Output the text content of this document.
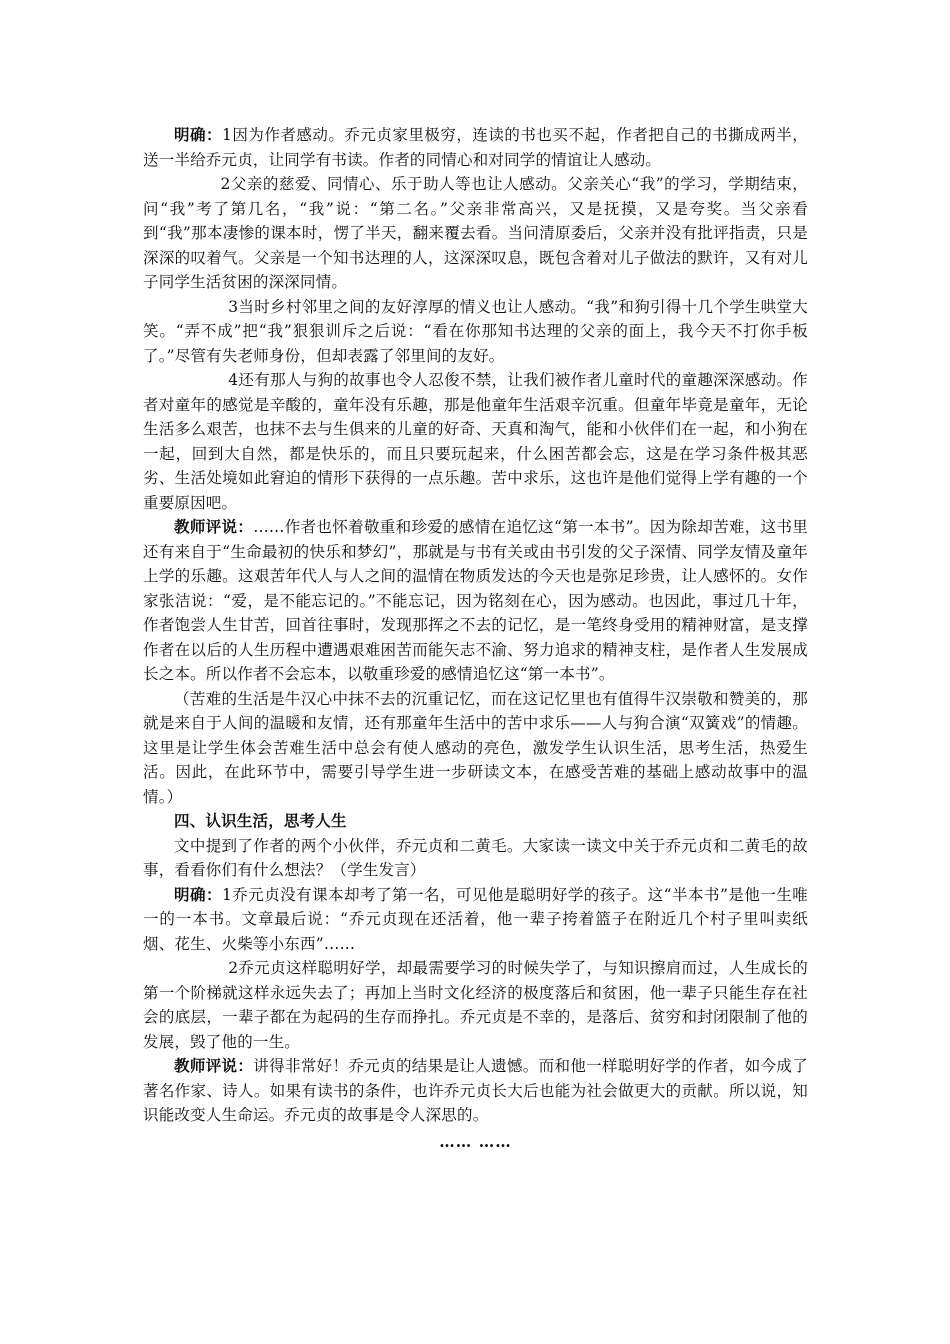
明确：1因为作者感动。乔元贞家里极穷，连读的书也买不起，作者把自己的书撕成两半，送一半给乔元贞，让同学有书读。作者的同情心和对同学的情谊让人感动。

2父亲的慈爱、同情心、乐于助人等也让人感动。父亲关心“我”的学习，学期结束，问“我”考了第几名，“我”说：“第二名。”父亲非常高兴，又是抚摸，又是夸奖。当父亲看到“我”那本凄惨的课本时，愣了半天，翻来覆去看。当问清原委后，父亲并没有批评指责，只是深深的叹着气。父亲是一个知书达理的人，这深深叹息，既包含着对儿子做法的默许，又有对儿子同学生活贫困的深深同情。

3当时乡村邻里之间的友好淳厚的情义也让人感动。“我”和狗引得十几个学生哄堂大笑。“弄不成”把“我”狠狠训斥之后说：“看在你那知书达理的父亲的面上，我今天不打你手板了。”尽管有失老师身份，但却表露了邻里间的友好。

4还有那人与狗的故事也令人忍俊不禁，让我们被作者儿童时代的童趣深深感动。作者对童年的感觉是辛酸的，童年没有乐趣，那是他童年生活艰辛沉重。但童年毕竟是童年，无论生活多么艰苦，也抹不去与生俱来的儿童的好奇、天真和淘气，能和小伙伴们在一起，和小狗在一起，回到大自然，都是快乐的，而且只要玩起来，什么困苦都会忘，这是在学习条件极其恶劣、生活处境如此窘迫的情形下获得的一点乐趣。苦中求乐，这也许是他们觉得上学有趣的一个重要原因吧。

教师评说：……作者也怀着敬重和珍爱的感情在追忆这“第一本书”。因为除却苦难，这书里还有来自于“生命最初的快乐和梦幻”，那就是与书有关或由书引发的父子深情、同学友情及童年上学的乐趣。这艰苦年代人与人之间的温情在物质发达的今天也是弥足珍贵，让人感怀的。女作家张洁说：“爱，是不能忘记的。”不能忘记，因为铭刻在心，因为感动。也因此，事过几十年，作者饱尝人生甘苦，回首往事时，发现那挥之不去的记忆，是一笔终身受用的精神财富，是支撑作者在以后的人生历程中遭遇艰难困苦而能矢志不渝、努力追求的精神支柱，是作者人生发展成长之本。所以作者不会忘本，以敬重珍爱的感情追忆这“第一本书”。

（苦难的生活是牛汉心中抹不去的沉重记忆，而在这记忆里也有值得牛汉崇敬和赞美的，那就是来自于人间的温暖和友情，还有那童年生活中的苦中求乐——人与狗合演“双簧戏”的情趣。这里是让学生体会苦难生活中总会有使人感动的亮色，激发学生认识生活，思考生活，热爱生活。因此，在此环节中，需要引导学生进一步研读文本，在感受苦难的基础上感动故事中的温情。）

四、认识生活，思考人生

文中提到了作者的两个小伙伴，乔元贞和二黄毛。大家读一读文中关于乔元贞和二黄毛的故事，看看你们有什么想法？（学生发言）

明确：1乔元贞没有课本却考了第一名，可见他是聪明好学的孩子。这“半本书”是他一生唯一的一本书。文章最后说：“乔元贞现在还活着，他一辈子挎着篮子在附近几个村子里叫卖纸烟、花生、火柴等小东西”……

2乔元贞这样聪明好学，却最需要学习的时候失学了，与知识擦肩而过，人生成长的第一个阶梯就这样永远失去了；再加上当时文化经济的极度落后和贫困，他一辈子只能生存在社会的底层，一辈子都在为起码的生存而挣扎。乔元贞是不幸的，是落后、贫穷和封闭限制了他的发展，毁了他的一生。

教师评说：讲得非常好！乔元贞的结果是让人遗憾。而和他一样聪明好学的作者，如今成了著名作家、诗人。如果有读书的条件，也许乔元贞长大后也能为社会做更大的贡献。所以说，知识能改变人生命运。乔元贞的故事是令人深思的。

…… ……
